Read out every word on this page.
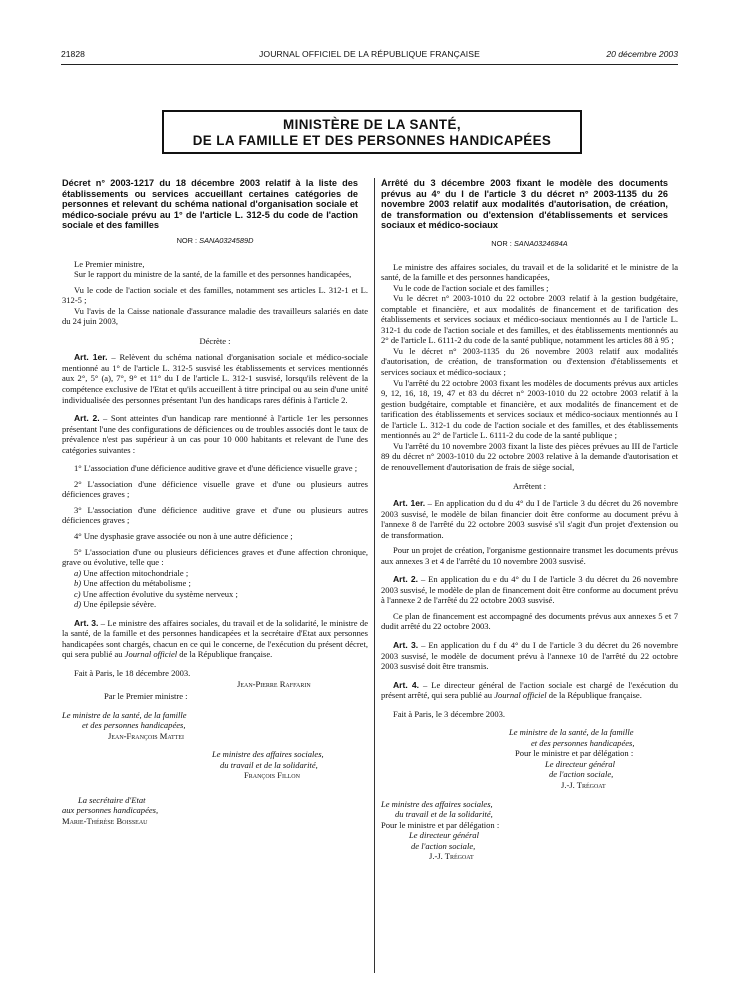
21828	JOURNAL OFFICIEL DE LA RÉPUBLIQUE FRANÇAISE	20 décembre 2003
MINISTÈRE DE LA SANTÉ,
DE LA FAMILLE ET DES PERSONNES HANDICAPÉES
Décret n° 2003-1217 du 18 décembre 2003 relatif à la liste des établissements ou services accueillant certaines catégories de personnes et relevant du schéma national d'organisation sociale et médico-sociale prévu au 1° de l'article L. 312-5 du code de l'action sociale et des familles
NOR : SANA0324589D

Le Premier ministre,

Sur le rapport du ministre de la santé, de la famille et des personnes handicapées,

Vu le code de l'action sociale et des familles, notamment ses articles L. 312-1 et L. 312-5 ;

Vu l'avis de la Caisse nationale d'assurance maladie des travailleurs salariés en date du 24 juin 2003,

Décrète :

Art. 1er. – Relèvent du schéma national d'organisation sociale et médico-sociale mentionné au 1° de l'article L. 312-5 susvisé les établissements et services mentionnés aux 2°, 5° (a), 7°, 9° et 11° du I de l'article L. 312-1 susvisé, lorsqu'ils relèvent de la compétence exclusive de l'Etat et qu'ils accueillent à titre principal ou au sein d'une unité individualisée des personnes présentant l'un des handicaps rares définis à l'article 2.

Art. 2. – Sont atteintes d'un handicap rare mentionné à l'article 1er les personnes présentant l'une des configurations de déficiences ou de troubles associés dont le taux de prévalence n'est pas supérieur à un cas pour 10 000 habitants et relevant de l'une des catégories suivantes :

1° L'association d'une déficience auditive grave et d'une déficience visuelle grave ;

2° L'association d'une déficience visuelle grave et d'une ou plusieurs autres déficiences graves ;

3° L'association d'une déficience auditive grave et d'une ou plusieurs autres déficiences graves ;

4° Une dysphasie grave associée ou non à une autre déficience ;

5° L'association d'une ou plusieurs déficiences graves et d'une affection chronique, grave ou évolutive, telle que :

a) Une affection mitochondriale ;

b) Une affection du métabolisme ;

c) Une affection évolutive du système nerveux ;

d) Une épilepsie sévère.

Art. 3. – Le ministre des affaires sociales, du travail et de la solidarité, le ministre de la santé, de la famille et des personnes handicapées et la secrétaire d'Etat aux personnes handicapées sont chargés, chacun en ce qui le concerne, de l'exécution du présent décret, qui sera publié au Journal officiel de la République française.

Fait à Paris, le 18 décembre 2003.

Jean-Pierre Raffarin

Par le Premier ministre :

Le ministre de la santé, de la famille

et des personnes handicapées,

Jean-François Mattei

Le ministre des affaires sociales,

du travail et de la solidarité,

François Fillon

La secrétaire d'Etat

aux personnes handicapées,

Marie-Thérèse Boisseau

Arrêté du 3 décembre 2003 fixant le modèle des documents prévus au 4° du I de l'article 3 du décret n° 2003-1135 du 26 novembre 2003 relatif aux modalités d'autorisation, de création, de transformation ou d'extension d'établissements et services sociaux et médico-sociaux
NOR : SANA0324684A

Le ministre des affaires sociales, du travail et de la solidarité et le ministre de la santé, de la famille et des personnes handicapées,

Vu le code de l'action sociale et des familles ;

Vu le décret n° 2003-1010 du 22 octobre 2003 relatif à la gestion budgétaire, comptable et financière, et aux modalités de financement et de tarification des établissements et services sociaux et médico-sociaux mentionnés au I de l'article L. 312-1 du code de l'action sociale et des familles, et des établissements mentionnés au 2° de l'article L. 6111-2 du code de la santé publique, notamment les articles 88 à 95 ;

Vu le décret n° 2003-1135 du 26 novembre 2003 relatif aux modalités d'autorisation, de création, de transformation ou d'extension d'établissements et services sociaux et médico-sociaux ;

Vu l'arrêté du 22 octobre 2003 fixant les modèles de documents prévus aux articles 9, 12, 16, 18, 19, 47 et 83 du décret n° 2003-1010 du 22 octobre 2003 relatif à la gestion budgétaire, comptable et financière, et aux modalités de financement et de tarification des établissements et services sociaux et médico-sociaux mentionnés au I de l'article L. 312-1 du code de l'action sociale et des familles, et des établissements mentionnés au 2° de l'article L. 6111-2 du code de la santé publique ;

Vu l'arrêté du 10 novembre 2003 fixant la liste des pièces prévues au III de l'article 89 du décret n° 2003-1010 du 22 octobre 2003 relative à la demande d'autorisation et de renouvellement d'autorisation de frais de siège social,

Arrêtent :

Art. 1er. – En application du d du 4° du I de l'article 3 du décret du 26 novembre 2003 susvisé, le modèle de bilan financier doit être conforme au document prévu à l'annexe 8 de l'arrêté du 22 octobre 2003 susvisé s'il s'agit d'un projet d'extension ou de transformation.

Pour un projet de création, l'organisme gestionnaire transmet les documents prévus aux annexes 3 et 4 de l'arrêté du 10 novembre 2003 susvisé.

Art. 2. – En application du e du 4° du I de l'article 3 du décret du 26 novembre 2003 susvisé, le modèle de plan de financement doit être conforme au document prévu à l'annexe 2 de l'arrêté du 22 octobre 2003 susvisé.

Ce plan de financement est accompagné des documents prévus aux annexes 5 et 7 dudit arrêté du 22 octobre 2003.

Art. 3. – En application du f du 4° du I de l'article 3 du décret du 26 novembre 2003 susvisé, le modèle de document prévu à l'annexe 10 de l'arrêté du 22 octobre 2003 susvisé doit être transmis.

Art. 4. – Le directeur général de l'action sociale est chargé de l'exécution du présent arrêté, qui sera publié au Journal officiel de la République française.

Fait à Paris, le 3 décembre 2003.

Le ministre de la santé, de la famille

et des personnes handicapées,

Pour le ministre et par délégation :

Le directeur général

de l'action sociale,

J.-J. Trégoat

Le ministre des affaires sociales,

du travail et de la solidarité,

Pour le ministre et par délégation :

Le directeur général

de l'action sociale,

J.-J. Trégoat
